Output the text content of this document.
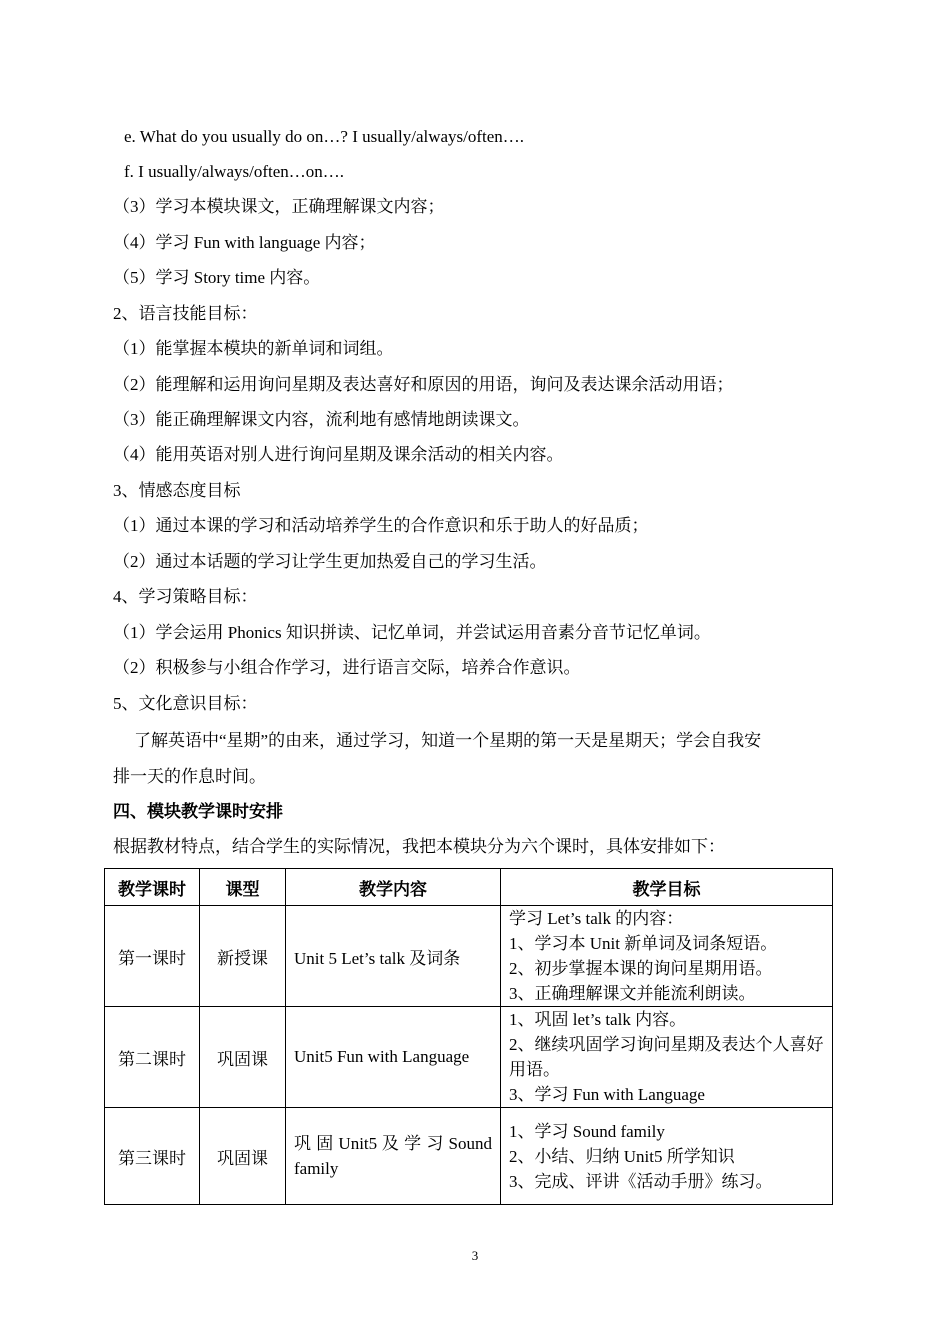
e. What do you usually do on…? I usually/always/often….
f. I usually/always/often…on….
（3）学习本模块课文，正确理解课文内容；
（4）学习 Fun with language 内容；
（5）学习 Story time 内容。
2、语言技能目标：
（1）能掌握本模块的新单词和词组。
（2）能理解和运用询问星期及表达喜好和原因的用语，询问及表达课余活动用语；
（3）能正确理解课文内容，流利地有感情地朗读课文。
（4）能用英语对别人进行询问星期及课余活动的相关内容。
3、情感态度目标
（1）通过本课的学习和活动培养学生的合作意识和乐于助人的好品质；
（2）通过本话题的学习让学生更加热爱自己的学习生活。
4、学习策略目标：
（1）学会运用 Phonics 知识拼读、记忆单词，并尝试运用音素分音节记忆单词。
（2）积极参与小组合作学习，进行语言交际，培养合作意识。
5、文化意识目标：
了解英语中“星期”的由来，通过学习，知道一个星期的第一天是星期天；学会自我安
排一天的作息时间。
四、模块教学课时安排
根据教材特点，结合学生的实际情况，我把本模块分为六个课时，具体安排如下：
教学课时	课型	教学内容	教学目标
第一课时	新授课	Unit 5 Let’s talk 及词条	学习 Let’s talk 的内容：
1、学习本 Unit 新单词及词条短语。
2、初步掌握本课的询问星期用语。
3、正确理解课文并能流利朗读。

第二课时	巩固课	Unit5 Fun with Language	1、巩固 let’s talk 内容。
2、继续巩固学习询问星期及表达个人喜好用语。
3、学习 Fun with Language

第三课时	巩固课	巩 固 Unit5 及 学 习 Sound family	1、学习 Sound family
2、小结、归纳 Unit5 所学知识
3、完成、评讲《活动手册》练习。
3
